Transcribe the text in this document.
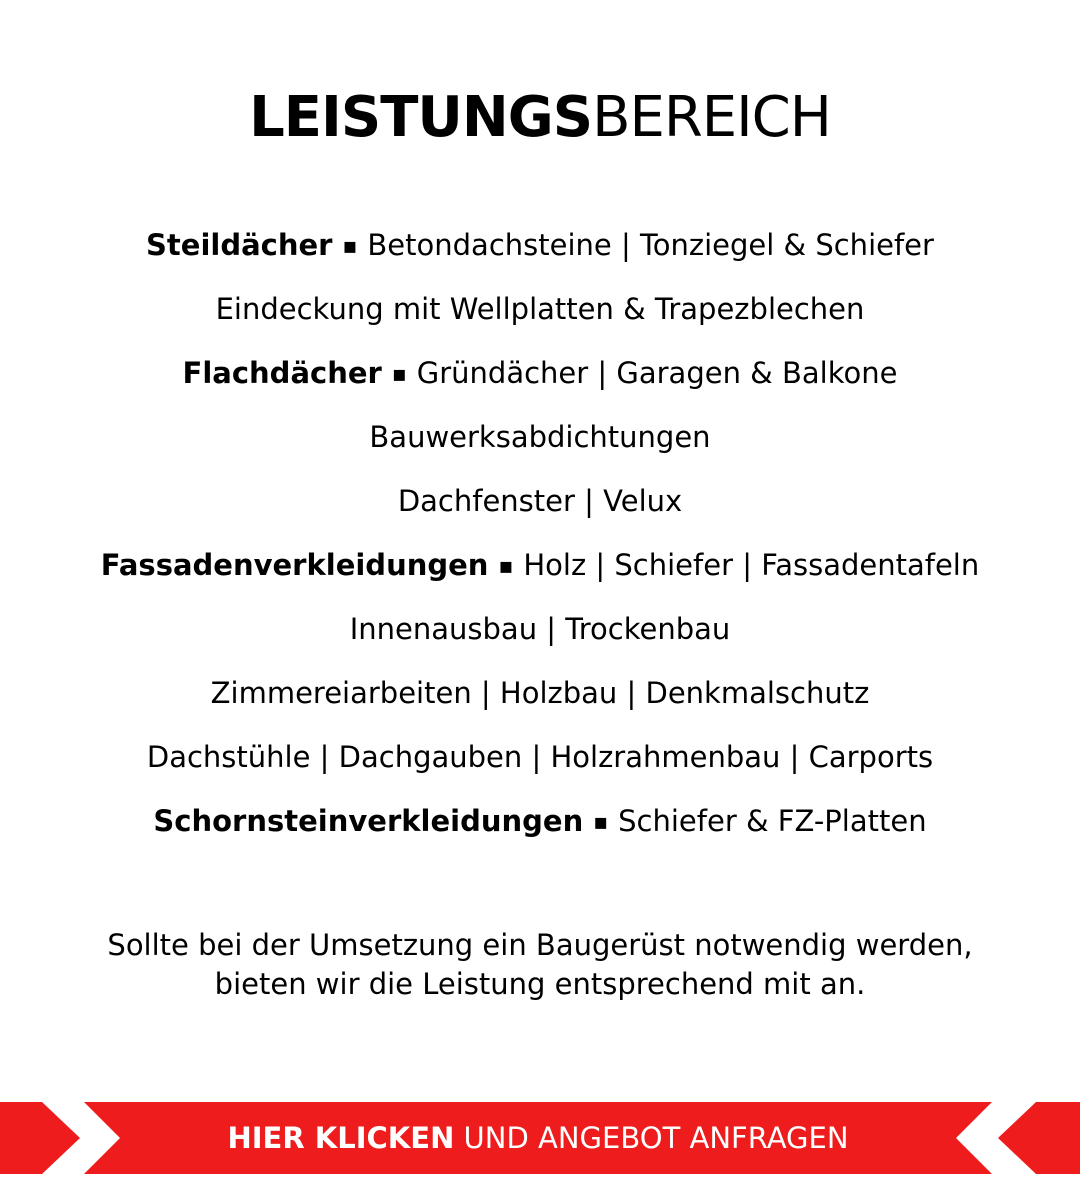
LEISTUNGSBEREICH
Steildächer ▪ Betondachsteine | Tonziegel & Schiefer
Eindeckung mit Wellplatten & Trapezblechen
Flachdächer ▪ Gründächer | Garagen & Balkone
Bauwerksabdichtungen
Dachfenster | Velux
Fassadenverkleidungen ▪ Holz | Schiefer | Fassadentafeln
Innenausbau | Trockenbau
Zimmereiarbeiten | Holzbau | Denkmalschutz
Dachstühle | Dachgauben | Holzrahmenbau | Carports
Schornsteinverkleidungen ▪ Schiefer & FZ-Platten
Sollte bei der Umsetzung ein Baugerüst notwendig werden,
bieten wir die Leistung entsprechend mit an.
HIER KLICKEN UND ANGEBOT ANFRAGEN
